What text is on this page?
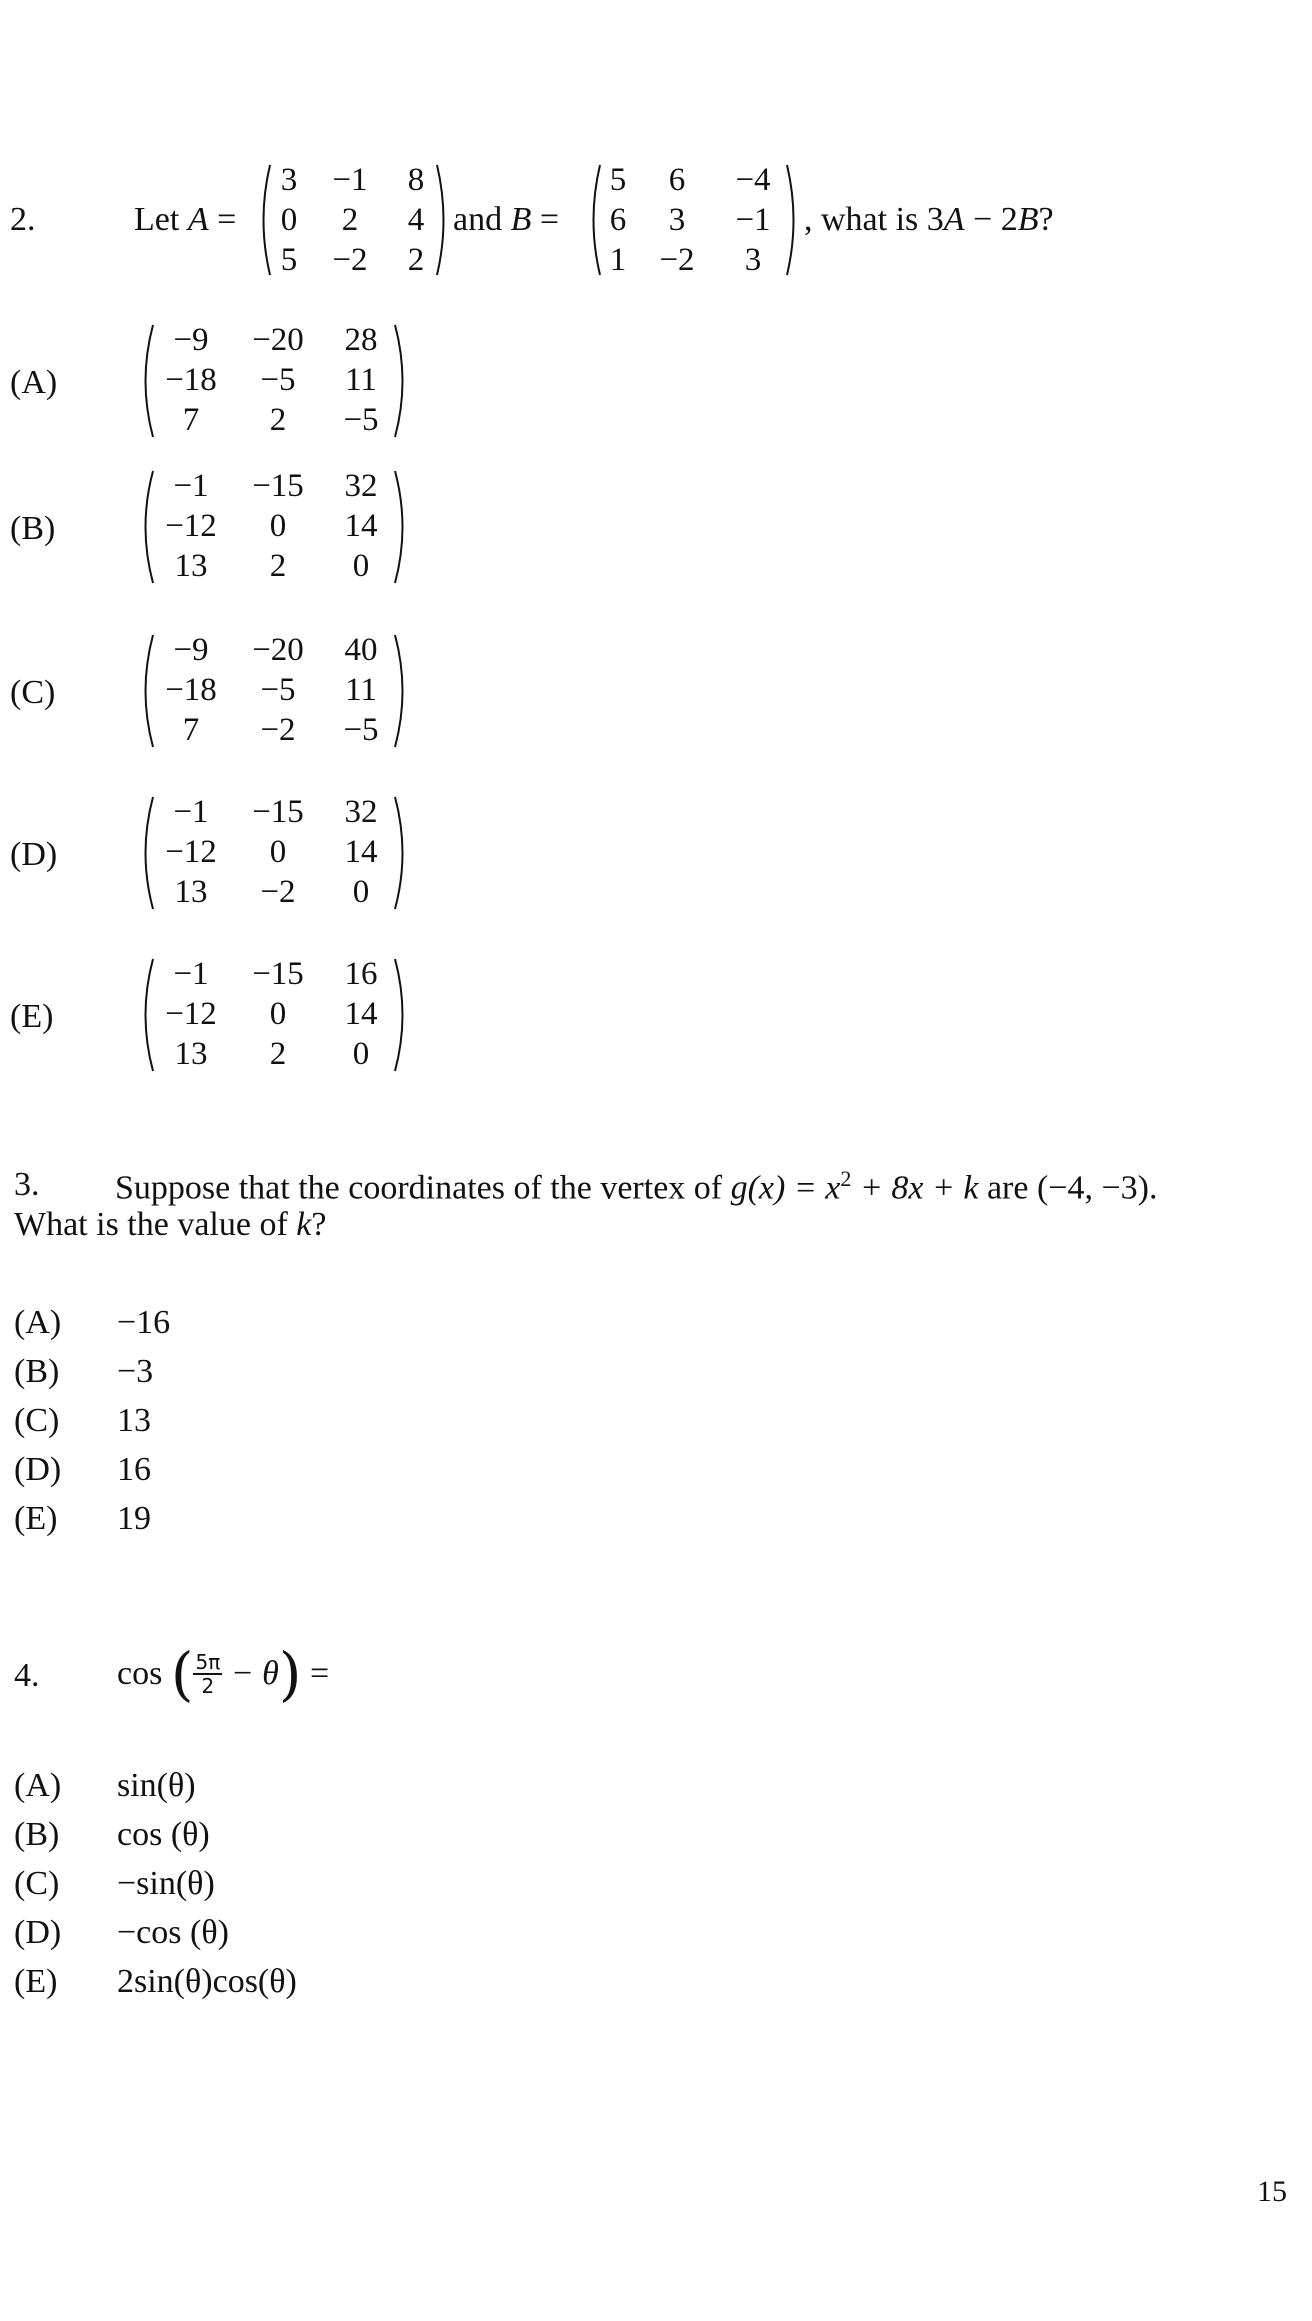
2.	Let A =
3	−1	8
0	2	4
5	−2	2
and B =
5	6	−4
6	3	−1
1	−2	3
, what is 3A − 2B?
(A)
−9	−20	28
−18	−5	11
7	2	−5
(B)
−1	−15	32
−12	0	14
13	2	0
(C)
−9	−20	40
−18	−5	11
7	−2	−5
(D)
−1	−15	32
−12	0	14
13	−2	0
(E)
−1	−15	16
−12	0	14
13	2	0
3. Suppose that the coordinates of the vertex of $g(x) = x^2 + 8x + k$ are (−4, −3).
What is the value of k?
(A) −16
(B) −3
(C) 13
(D) 16
(E) 19
4. cos ( $\frac{5\pi}{2} - \theta$) =
(A) sin(θ)
(B) cos (θ)
(C) −sin(θ)
(D) −cos (θ)
(E) 2sin(θ)cos(θ)
15
